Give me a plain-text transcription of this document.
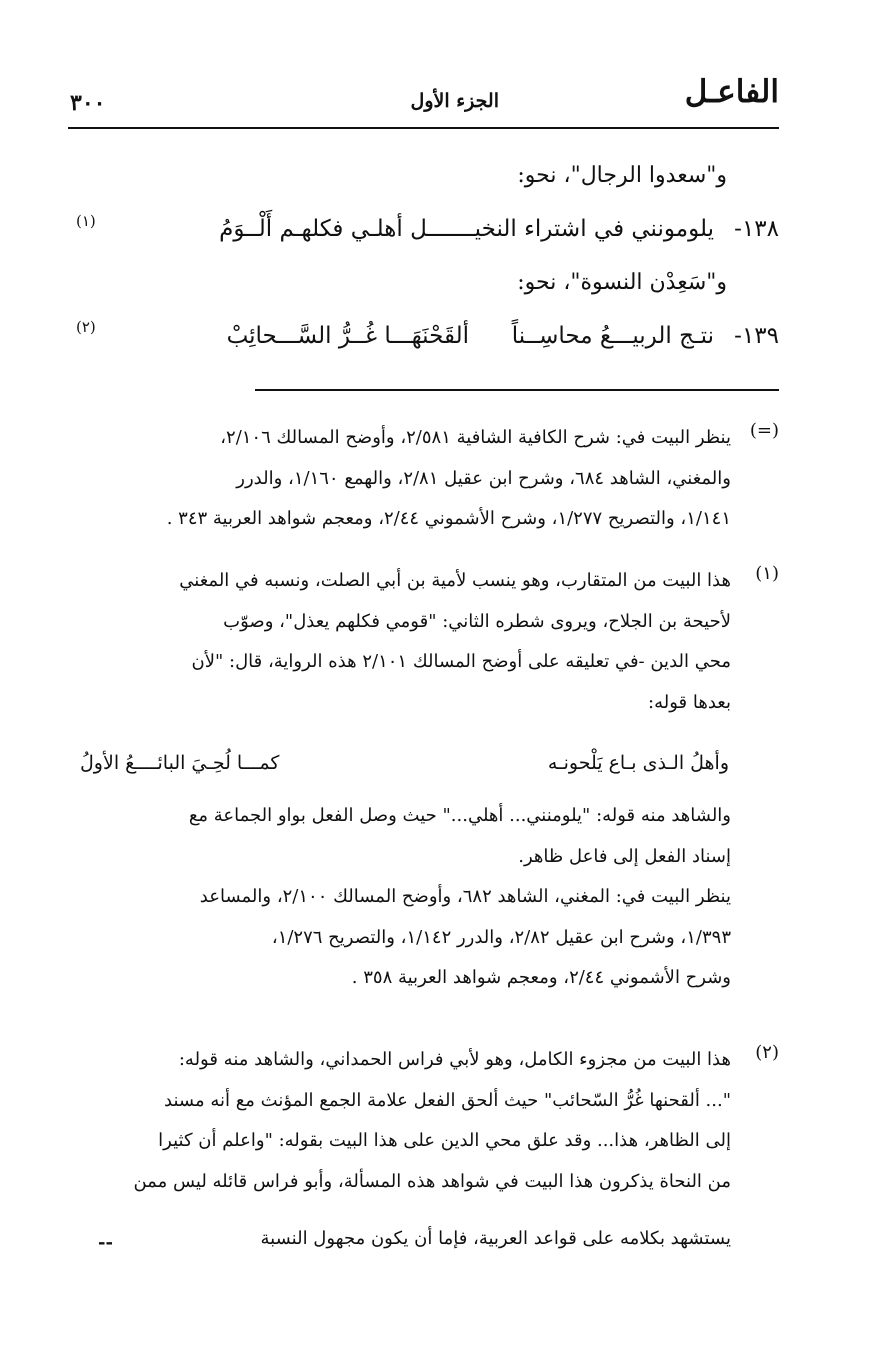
الفاعـل
الجزء الأول
٣٠٠
و"سعدوا الرجال"، نحو:
١٣٨-
يلومونني في اشتراء النخيـــــــل أهلـي فكلهـم أَلْــوَمُ
(١)
و"سَعِدْن النسوة"، نحو:
١٣٩-
نتـج الربيـــعُ محاسِــناً
ألقَحْنَهَـــا غُــرُّ السَّـــحائِبْ
(٢)
(=)

ينظر البيت في: شرح الكافية الشافية ٢/٥٨١، وأوضح المسالك ٢/١٠٦،

والمغني، الشاهد ٦٨٤، وشرح ابن عقيل ٢/٨١، والهمع ١/١٦٠، والدرر

١/١٤١، والتصريح ١/٢٧٧، وشرح الأشموني ٢/٤٤، ومعجم شواهد العربية ٣٤٣ .

(١)

هذا البيت من المتقارب، وهو ينسب لأمية بن أبي الصلت، ونسبه في المغني

لأحيحة بن الجلاح، ويروى شطره الثاني: "قومي فكلهم يعذل"، وصوّب

محي الدين -في تعليقه على أوضح المسالك ٢/١٠١ هذه الرواية، قال: "لأن

بعدها قوله:

وأهلُ الـذى بـاع يَلْحونـه
كمـــا لُحِـيَ البائــــعُ الأولُ

والشاهد منه قوله: "يلومنني... أهلي..." حيث وصل الفعل بواو الجماعة مع

إسناد الفعل إلى فاعل ظاهر.

ينظر البيت في: المغني، الشاهد ٦٨٢، وأوضح المسالك ٢/١٠٠، والمساعد

١/٣٩٣، وشرح ابن عقيل ٢/٨٢، والدرر ١/١٤٢، والتصريح ١/٢٧٦،

وشرح الأشموني ٢/٤٤، ومعجم شواهد العربية ٣٥٨ .

(٢)

هذا البيت من مجزوء الكامل، وهو لأبي فراس الحمداني، والشاهد منه قوله:

"... ألقحنها غُرُّ السّحائب" حيث ألحق الفعل علامة الجمع المؤنث مع أنه مسند

إلى الظاهر، هذا... وقد علق محي الدين على هذا البيت بقوله: "واعلم أن كثيرا

من النحاة يذكرون هذا البيت في شواهد هذه المسألة، وأبو فراس قائله ليس ممن

يستشهد بكلامه على قواعد العربية، فإما أن يكون مجهول النسبة
--
